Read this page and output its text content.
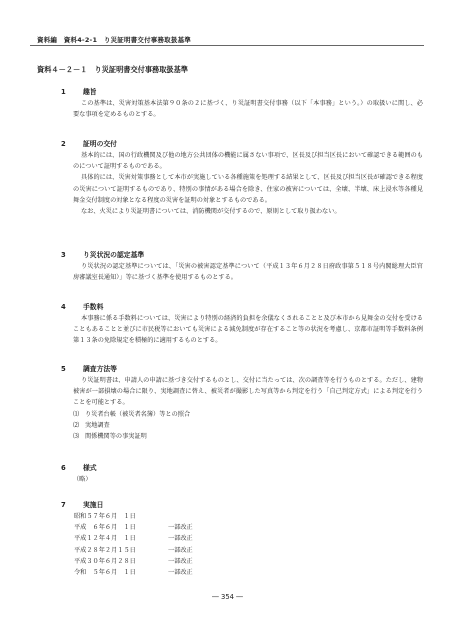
資料編　資料4-2-1　り災証明書交付事務取扱基準
資料４－２－１　り災証明書交付事務取扱基準
1	趣旨

この基準は、災害対策基本法第９０条の２に基づく、り災証明書交付事務（以下「本事務」という。）の取扱いに関し、必要な事項を定めるものとする。

2	証明の交付

基本的には、国の行政機関及び他の地方公共団体の機能に属さない事項で、区長及び担当区長において確認できる範囲のものについて証明するものである。

具体的には、災害対策事務として本市が実施している各種施策を処理する結果として、区長及び担当区長が確認できる程度の災害について証明するものであり、特別の事情がある場合を除き、住家の被害については、全壊、半壊、床上浸水等各種見舞金交付制度の対象となる程度の災害を証明の対象とするものである。

なお、火災により災証明書については、消防機関が交付するので、原則として取り扱わない。

3	り災状況の認定基準

り災状況の認定基準については、「災害の被害認定基準について（平成１３年６月２８日府政事第５１８号内閣総理大臣官房審議室長通知）」等に基づく基準を使用するものとする。

4	手数料

本事務に係る手数料については、災害により特別の経済的負担を余儀なくされることと及び本市から見舞金の交付を受けることもあることと並びに市民税等においても災害による減免制度が存在すること等の状況を考慮し、京都市証明等手数料条例第１３条の免除規定を積極的に適用するものとする。

5	調査方法等

り災証明書は、申請人の申請に基づき交付するものとし、交付に当たっては、次の調査等を行うものとする。ただし、建物被害が一部損壊の場合に限り、実地調査に替え、被災者が撮影した写真等から判定を行う「自己判定方式」による判定を行うことを可能とする。

⑴ り災者台帳（被災者名簿）等との照合
⑵ 実地調査
⑶ 関係機関等の事実証明
6	様式

（略）

7	実施日
昭和５７年６月　１日
平成　６年６月　１日	一部改正
平成１２年４月　１日	一部改正
平成２８年２月１５日	一部改正
平成３０年６月２８日	一部改正
令和　５年６月　１日	一部改正
― 354 ―
